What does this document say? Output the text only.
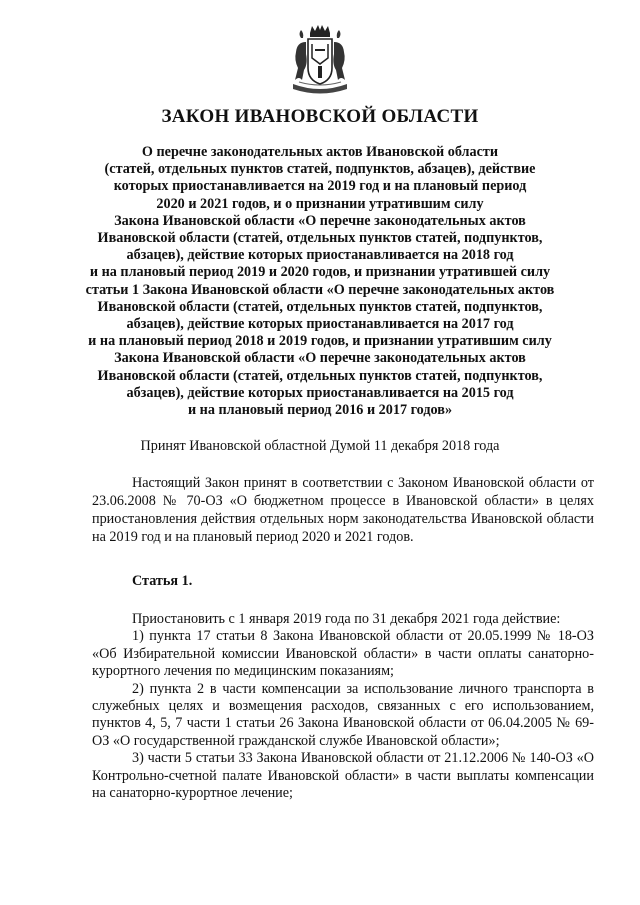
ЗАКОН ИВАНОВСКОЙ ОБЛАСТИ
О перечне законодательных актов Ивановской области
(статей, отдельных пунктов статей, подпунктов, абзацев), действие
которых приостанавливается на 2019 год и на плановый период
2020 и 2021 годов, и о признании утратившим силу
Закона Ивановской области «О перечне законодательных актов
Ивановской области (статей, отдельных пунктов статей, подпунктов,
абзацев), действие которых приостанавливается на 2018 год
и на плановый период 2019 и 2020 годов, и признании утратившей силу
статьи 1 Закона Ивановской области «О перечне законодательных актов
Ивановской области (статей, отдельных пунктов статей, подпунктов,
абзацев), действие которых приостанавливается на 2017 год
и на плановый период 2018 и 2019 годов, и признании утратившим силу
Закона Ивановской области «О перечне законодательных актов
Ивановской области (статей, отдельных пунктов статей, подпунктов,
абзацев), действие которых приостанавливается на 2015 год
и на плановый период 2016 и 2017 годов»

Принят Ивановской областной Думой 11 декабря 2018 года

Настоящий Закон принят в соответствии с Законом Ивановской области от 23.06.2008 № 70-ОЗ «О бюджетном процессе в Ивановской области» в целях приостановления действия отдельных норм законодательства Ивановской области на 2019 год и на плановый период 2020 и 2021 годов.

Статья 1.

Приостановить с 1 января 2019 года по 31 декабря 2021 года действие:

1) пункта 17 статьи 8 Закона Ивановской области от 20.05.1999 № 18-ОЗ «Об Избирательной комиссии Ивановской области» в части оплаты санаторно-курортного лечения по медицинским показаниям;

2) пункта 2 в части компенсации за использование личного транспорта в служебных целях и возмещения расходов, связанных с его использованием, пунктов 4, 5, 7 части 1 статьи 26 Закона Ивановской области от 06.04.2005 № 69-ОЗ «О государственной гражданской службе Ивановской области»;

3) части 5 статьи 33 Закона Ивановской области от 21.12.2006 № 140-ОЗ «О Контрольно-счетной палате Ивановской области» в части выплаты компенсации на санаторно-курортное лечение;
